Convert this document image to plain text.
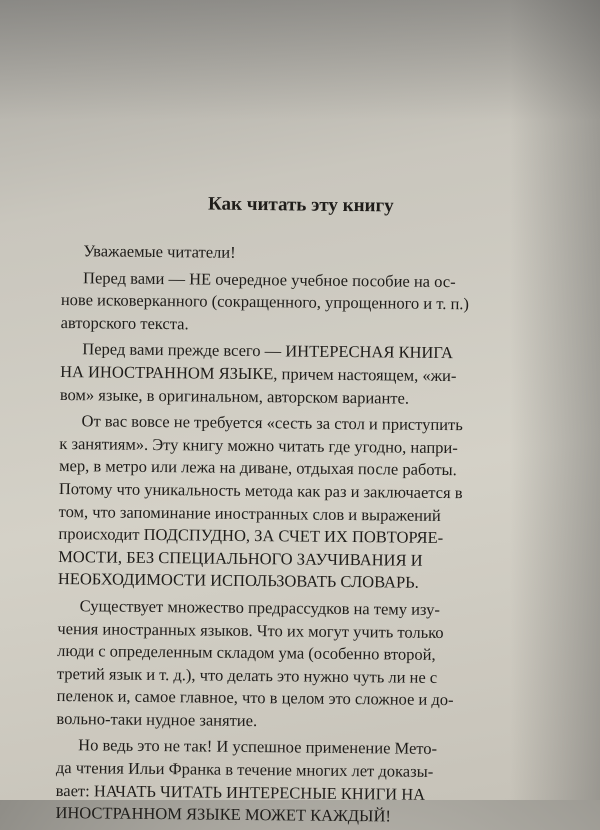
Как читать эту книгу
Уважаемые читатели!
Перед вами — НЕ очередное учебное пособие на ос-
нове исковерканного (сокращенного, упрощенного и т. п.)
авторского текста.
Перед вами прежде всего — ИНТЕРЕСНАЯ КНИГА
НА ИНОСТРАННОМ ЯЗЫКЕ, причем настоящем, «жи-
вом» языке, в оригинальном, авторском варианте.
От вас вовсе не требуется «сесть за стол и приступить
к занятиям». Эту книгу можно читать где угодно, напри-
мер, в метро или лежа на диване, отдыхая после работы.
Потому что уникальность метода как раз и заключается в
том, что запоминание иностранных слов и выражений
происходит ПОДСПУДНО, ЗА СЧЕТ ИХ ПОВТОРЯЕ-
МОСТИ, БЕЗ СПЕЦИАЛЬНОГО ЗАУЧИВАНИЯ И
НЕОБХОДИМОСТИ ИСПОЛЬЗОВАТЬ СЛОВАРЬ.
Существует множество предрассудков на тему изу-
чения иностранных языков. Что их могут учить только
люди с определенным складом ума (особенно второй,
третий язык и т. д.), что делать это нужно чуть ли не с
пеленок и, самое главное, что в целом это сложное и до-
вольно-таки нудное занятие.
Но ведь это не так! И успешное применение Мето-
да чтения Ильи Франка в течение многих лет доказы-
вает: НАЧАТЬ ЧИТАТЬ ИНТЕРЕСНЫЕ КНИГИ НА
ИНОСТРАННОМ ЯЗЫКЕ МОЖЕТ КАЖДЫЙ!
